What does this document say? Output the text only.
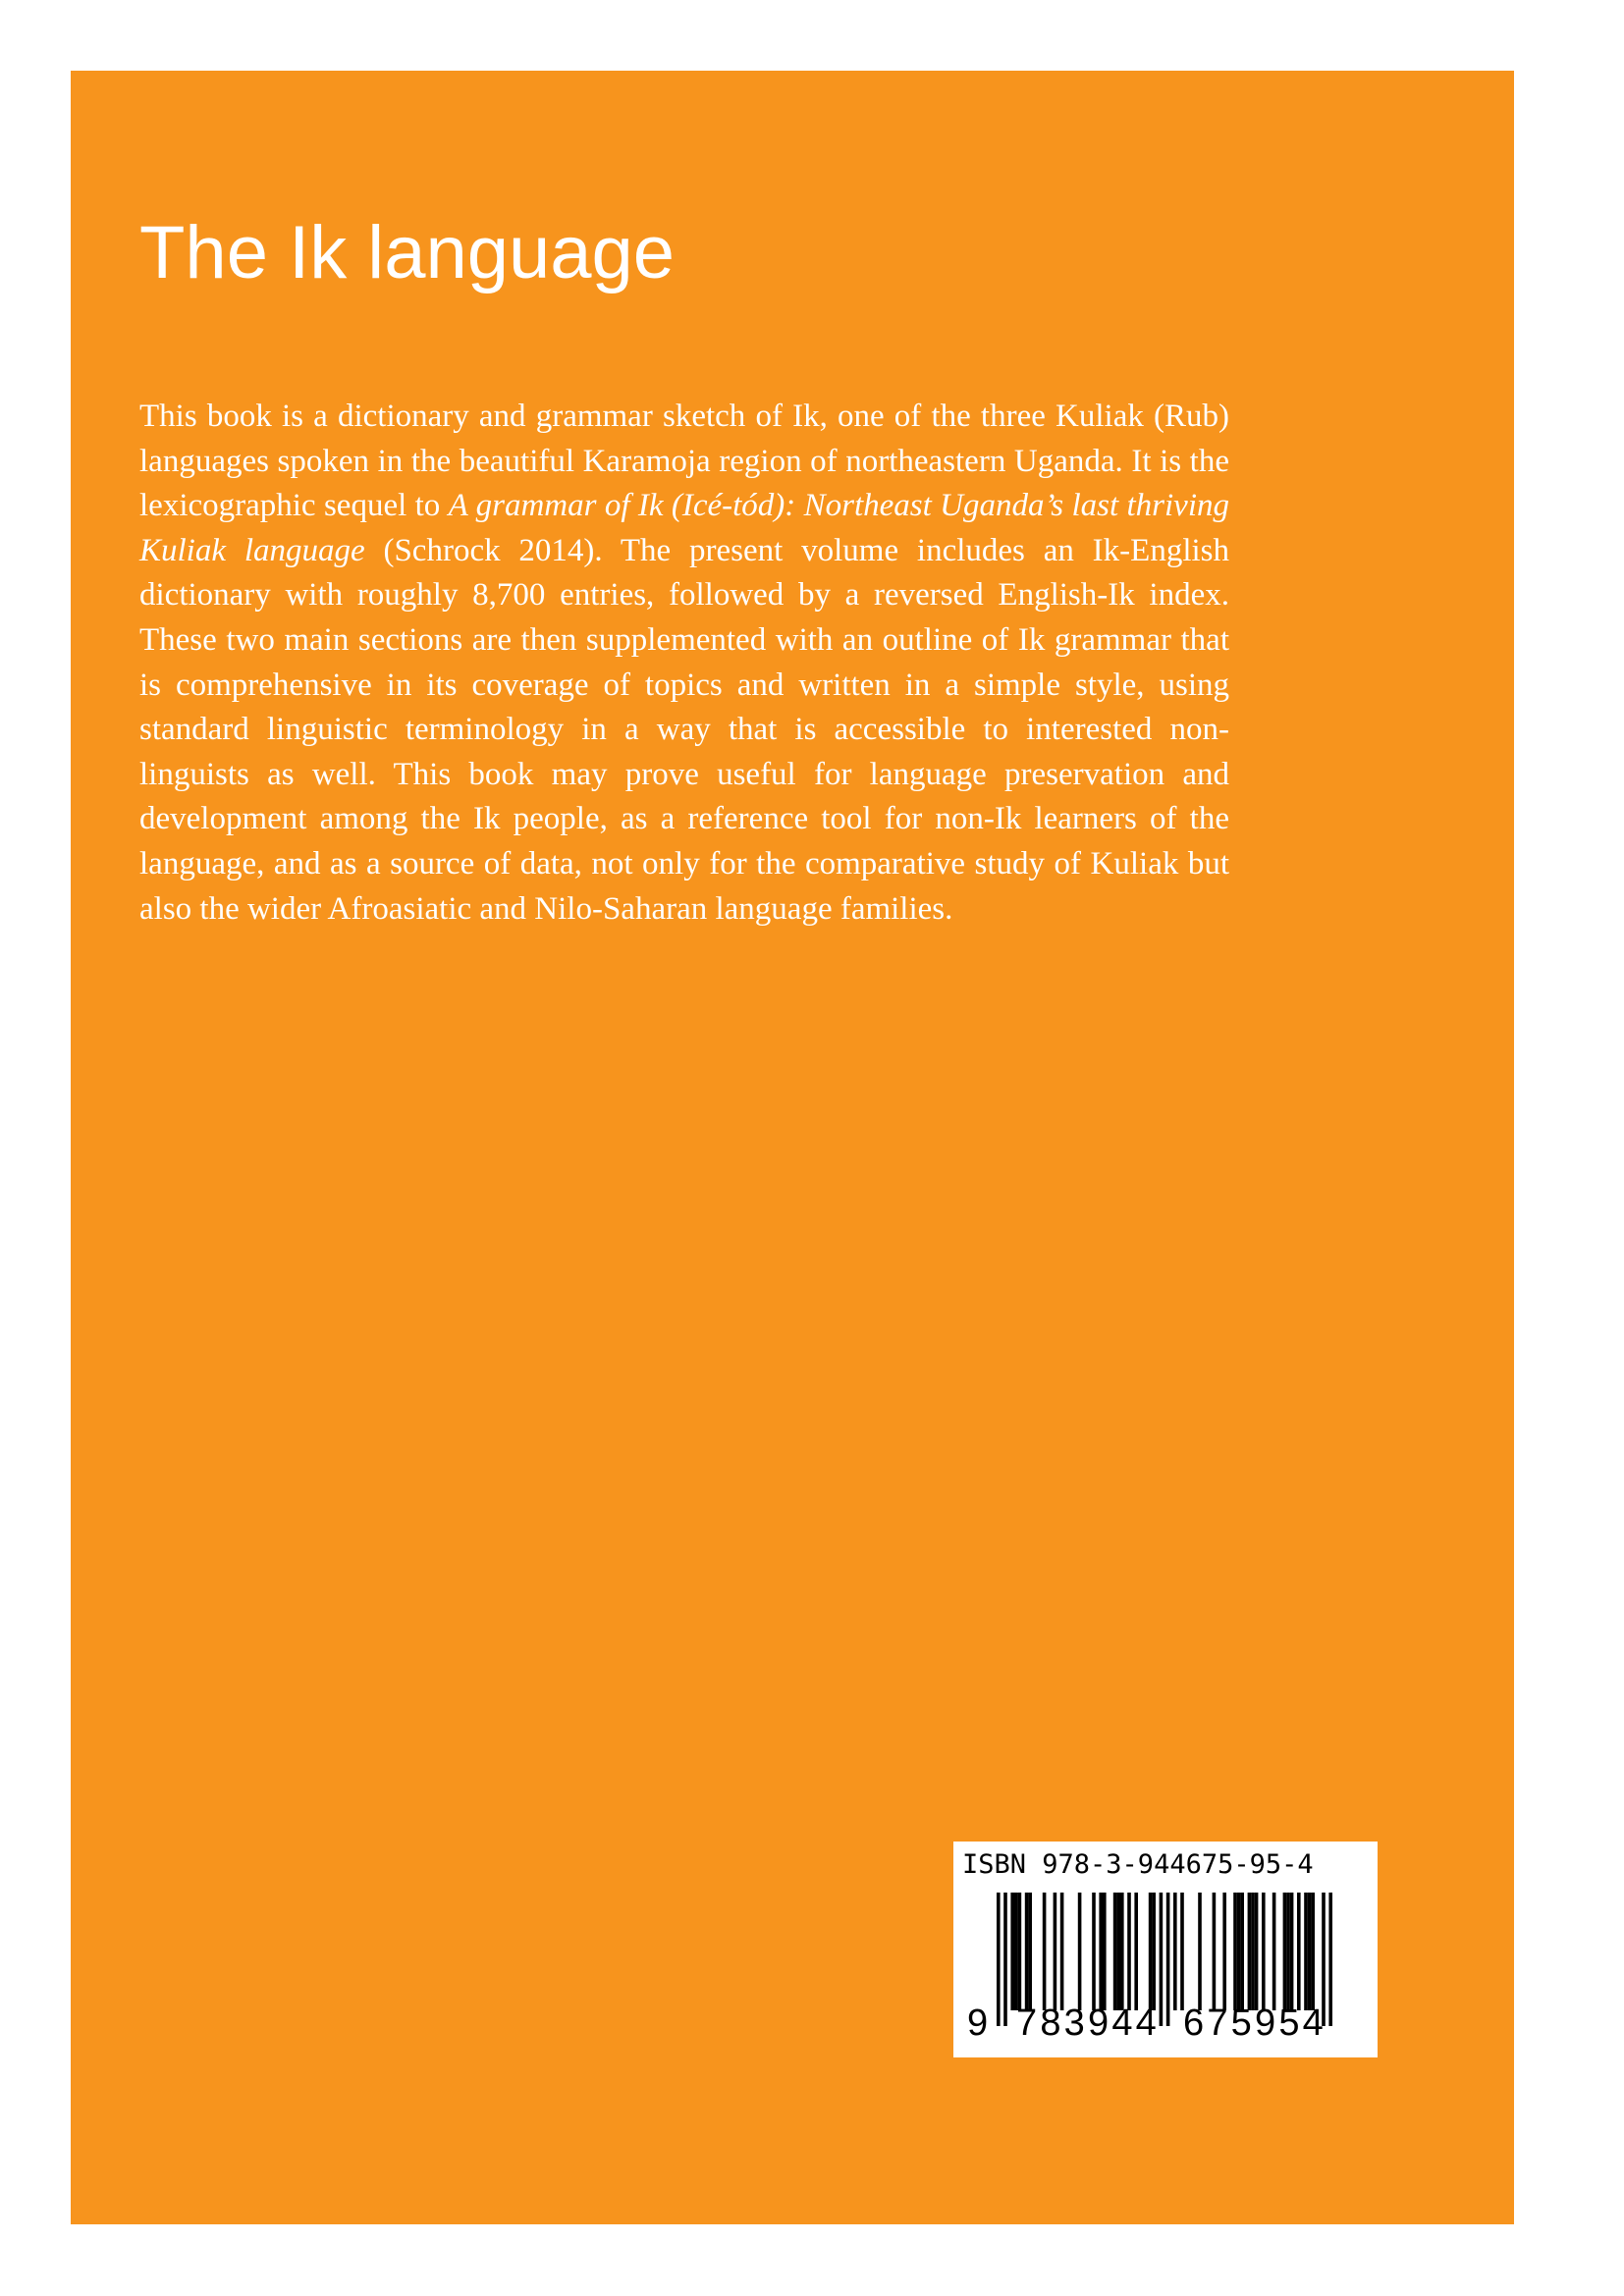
The Ik language

This book is a dictionary and grammar sketch of Ik, one of the three Kuliak (Rub) languages spoken in the beautiful Karamoja region of northeastern Uganda. It is the lexicographic sequel to A grammar of Ik (Icé-tód): Northeast Uganda’s last thriving Kuliak language (Schrock 2014). The present volume includes an Ik-English dictionary with roughly 8,700 entries, followed by a reversed English-Ik index. These two main sections are then supplemented with an outline of Ik grammar that is comprehensive in its coverage of topics and written in a simple style, using standard linguistic terminology in a way that is accessible to interested non-linguists as well. This book may prove useful for language preservation and development among the Ik people, as a reference tool for non-Ik learners of the language, and as a source of data, not only for the comparative study of Kuliak but also the wider Afroasiatic and Nilo-Saharan language families.

ISBN 978-3-944675-95-4
9 783944 675954
